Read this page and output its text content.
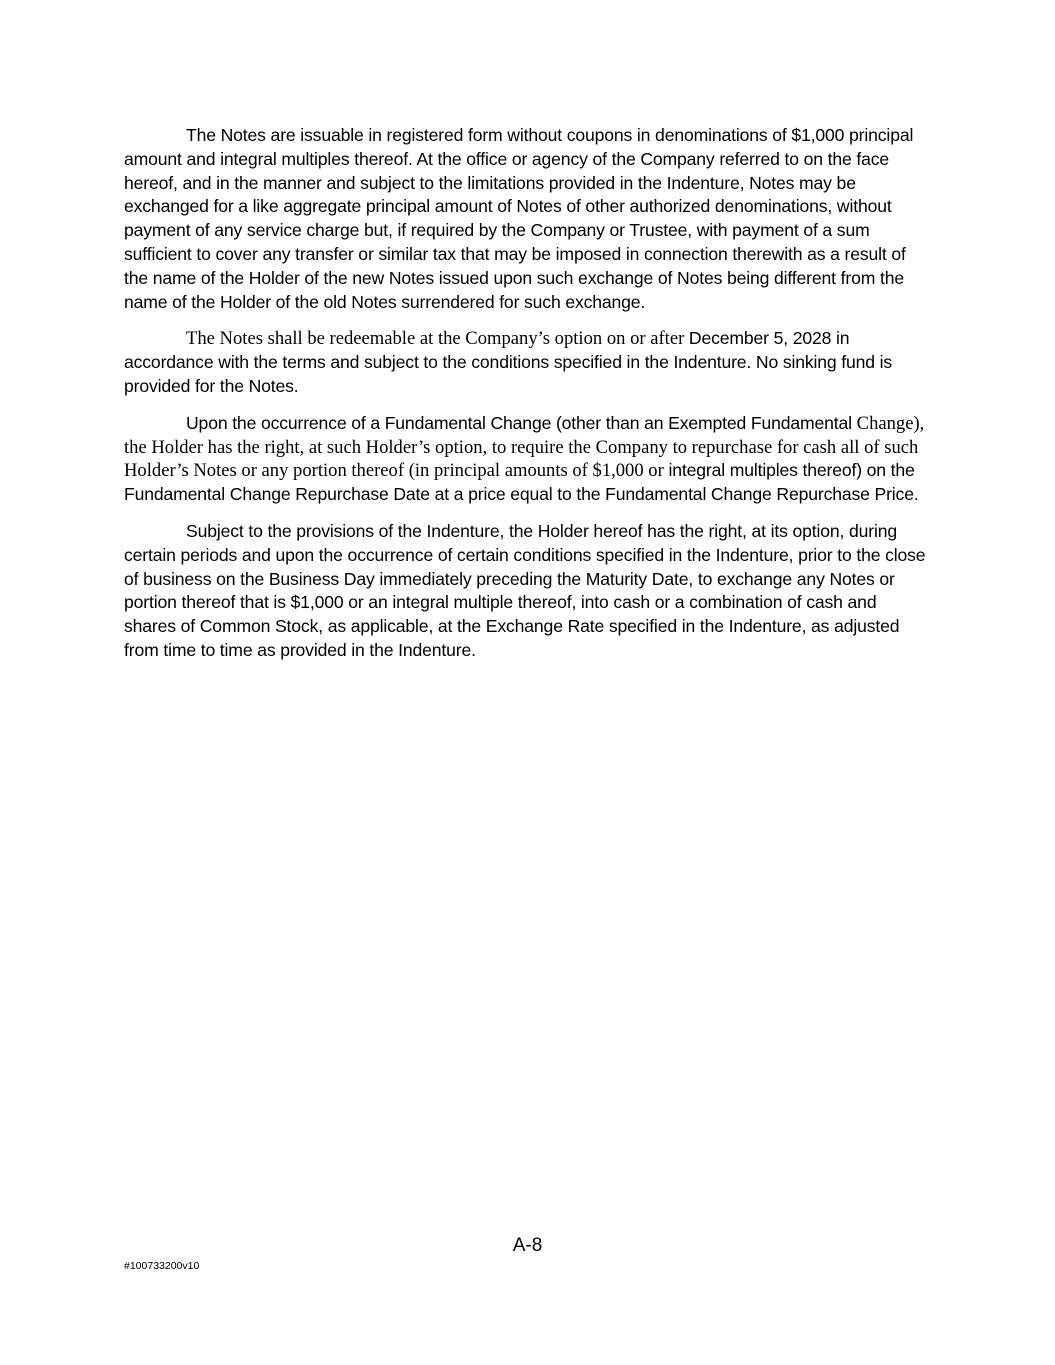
The Notes are issuable in registered form without coupons in denominations of $1,000 principal amount and integral multiples thereof. At the office or agency of the Company referred to on the face hereof, and in the manner and subject to the limitations provided in the Indenture, Notes may be exchanged for a like aggregate principal amount of Notes of other authorized denominations, without payment of any service charge but, if required by the Company or Trustee, with payment of a sum sufficient to cover any transfer or similar tax that may be imposed in connection therewith as a result of the name of the Holder of the new Notes issued upon such exchange of Notes being different from the name of the Holder of the old Notes surrendered for such exchange.

The Notes shall be redeemable at the Company’s option on or after December 5, 2028 in accordance with the terms and subject to the conditions specified in the Indenture. No sinking fund is provided for the Notes.

Upon the occurrence of a Fundamental Change (other than an Exempted Fundamental Change), the Holder has the right, at such Holder’s option, to require the Company to repurchase for cash all of such Holder’s Notes or any portion thereof (in principal amounts of $1,000 or integral multiples thereof) on the Fundamental Change Repurchase Date at a price equal to the Fundamental Change Repurchase Price.

Subject to the provisions of the Indenture, the Holder hereof has the right, at its option, during certain periods and upon the occurrence of certain conditions specified in the Indenture, prior to the close of business on the Business Day immediately preceding the Maturity Date, to exchange any Notes or portion thereof that is $1,000 or an integral multiple thereof, into cash or a combination of cash and shares of Common Stock, as applicable, at the Exchange Rate specified in the Indenture, as adjusted from time to time as provided in the Indenture.

A-8
#100733200v10
